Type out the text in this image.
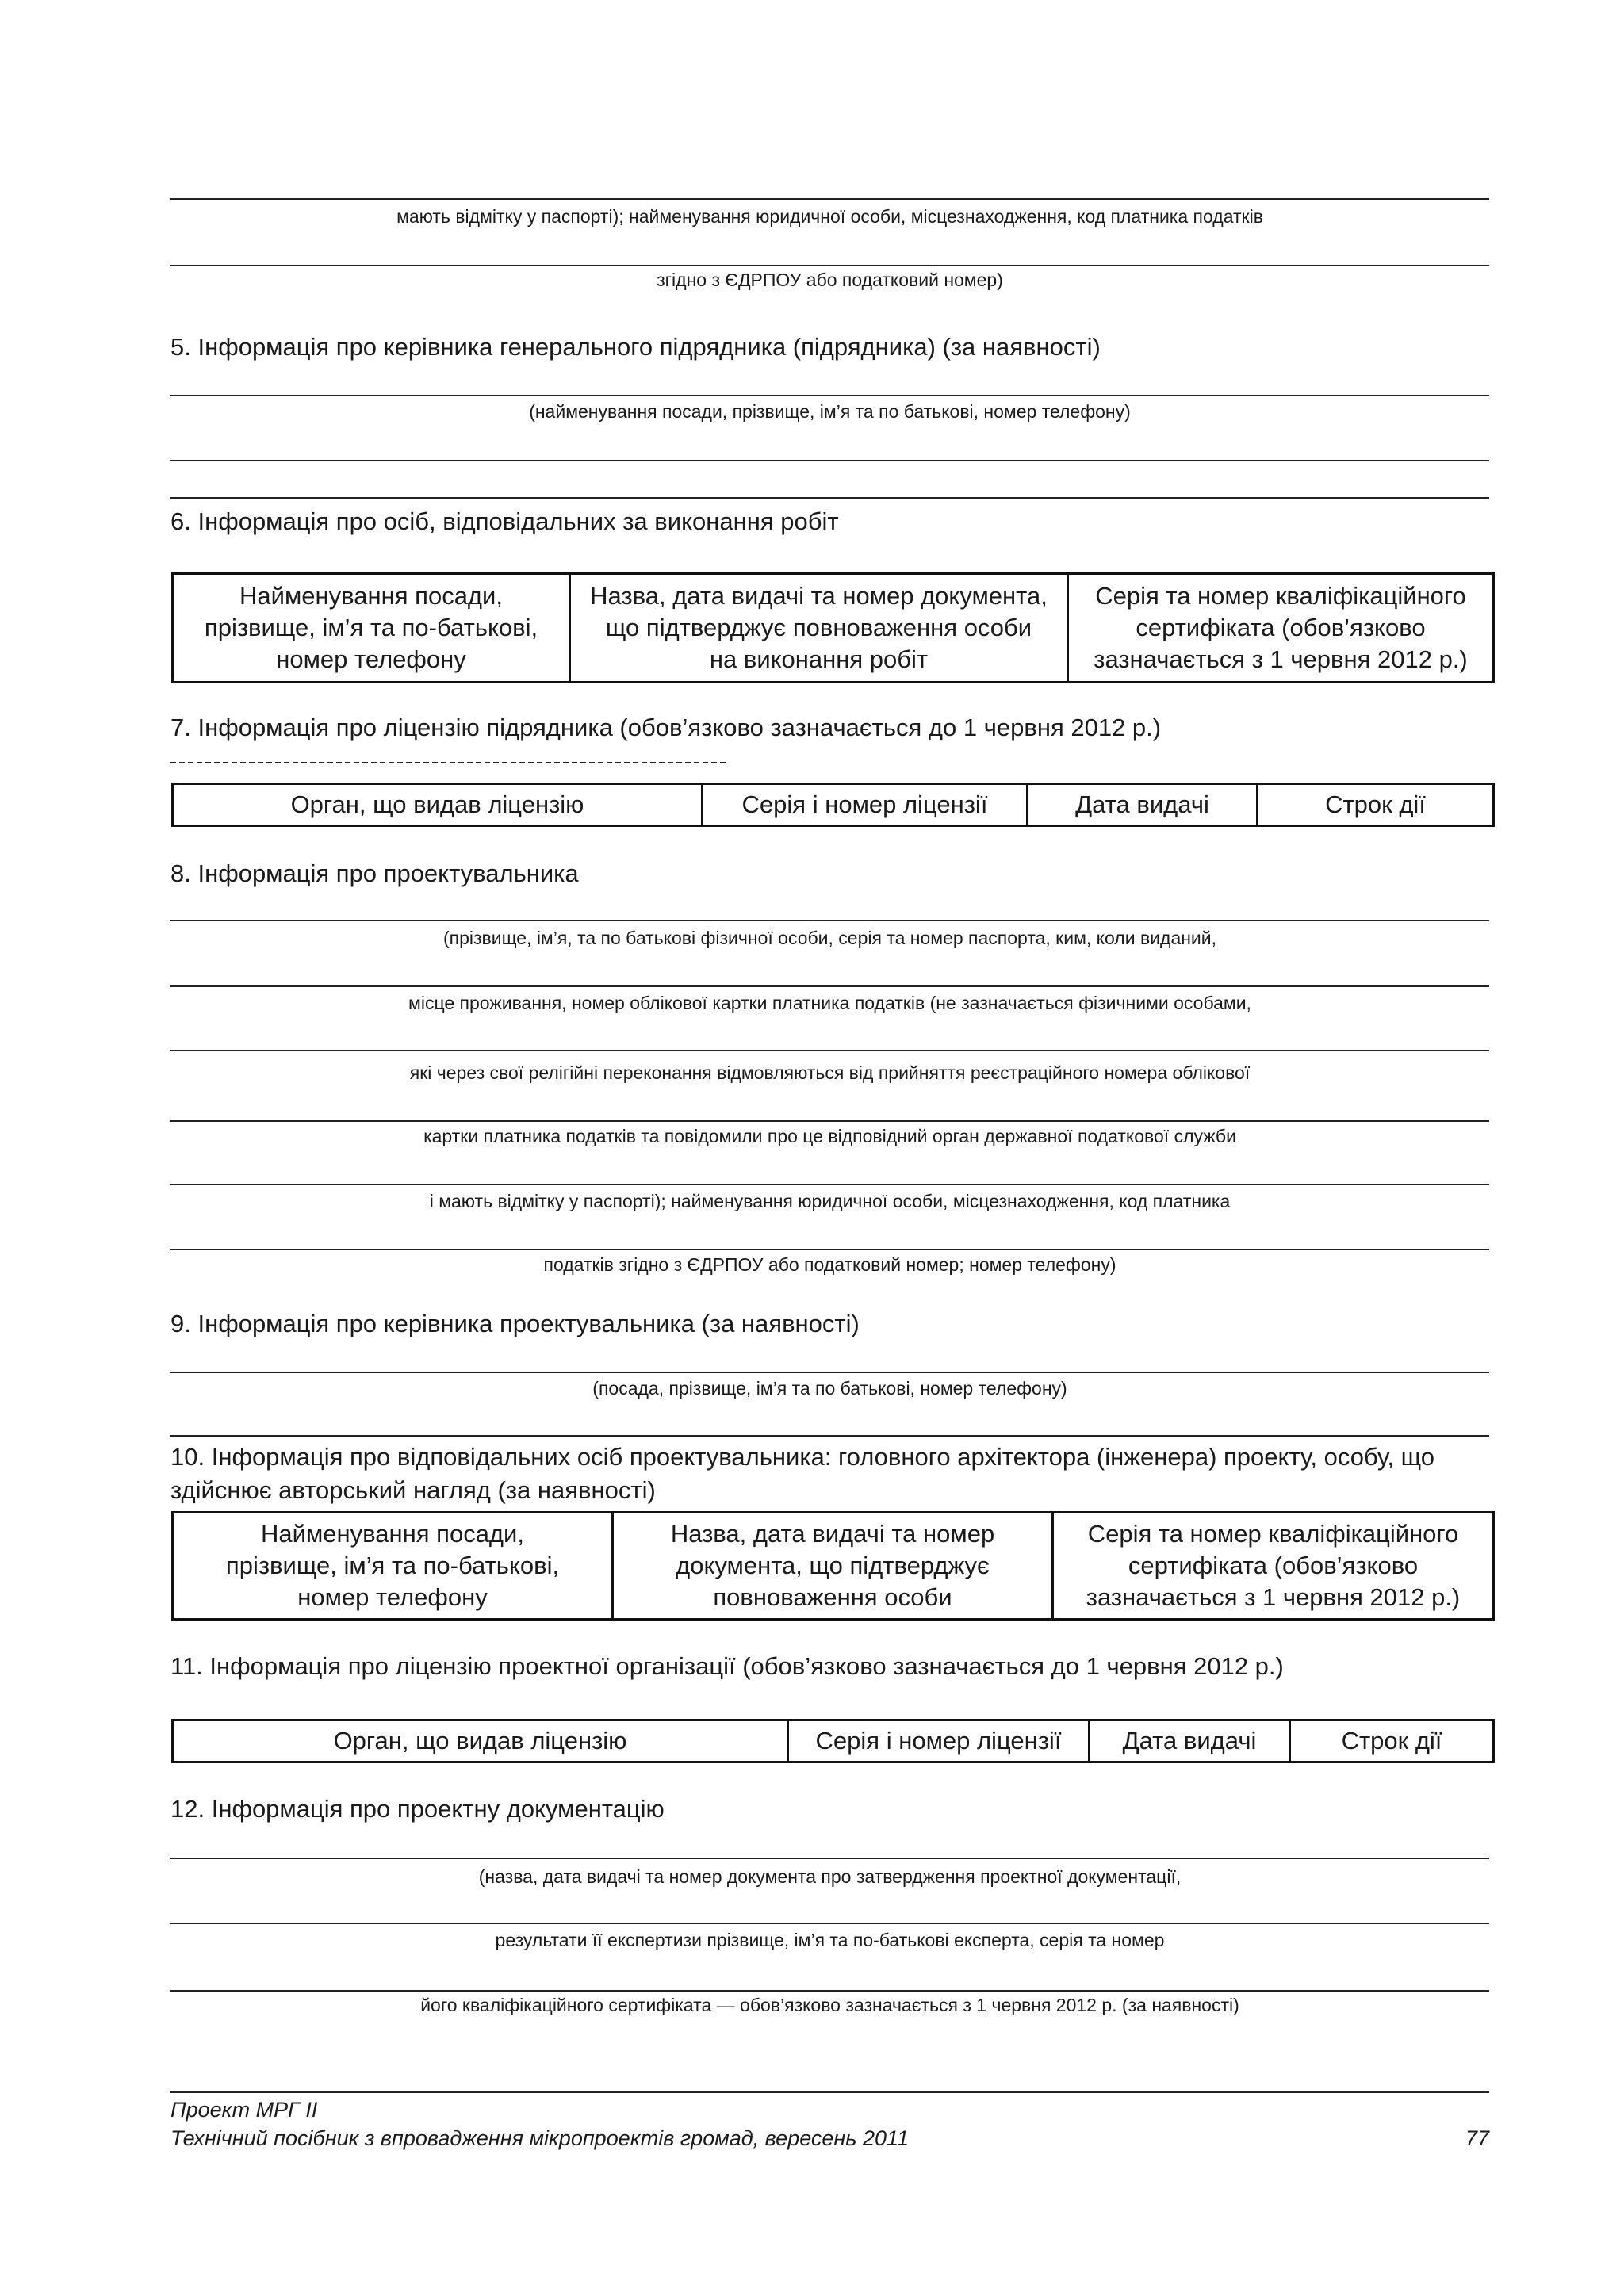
мають відмітку у паспорті); найменування юридичної особи, місцезнаходження, код платника податків
згідно з ЄДРПОУ або податковий номер)
5. Інформація про керівника генерального підрядника (підрядника) (за наявності)
(найменування посади, прізвище, ім’я та по батькові, номер телефону)
6. Інформація про осіб, відповідальних за виконання робіт
Найменування посади,
прізвище, ім’я та по-батькові,
номер телефону

Назва, дата видачі та номер документа,
що підтверджує повноваження особи
на виконання робіт

Серія та номер кваліфікаційного
сертифіката (обов’язково
зазначається з 1 червня 2012 р.)
7. Інформація про ліцензію підрядника (обов’язково зазначається до 1 червня 2012 р.)
Орган, що видав ліцензію	Серія і номер ліцензії	Дата видачі	Строк дії
8. Інформація про проектувальника
(прізвище, ім’я, та по батькові фізичної особи, серія та номер паспорта, ким, коли виданий,
місце проживання, номер облікової картки платника податків (не зазначається фізичними особами,
які через свої релігійні переконання відмовляються від прийняття реєстраційного номера облікової
картки платника податків та повідомили про це відповідний орган державної податкової служби
і мають відмітку у паспорті); найменування юридичної особи, місцезнаходження, код платника
податків згідно з ЄДРПОУ або податковий номер; номер телефону)
9. Інформація про керівника проектувальника (за наявності)
(посада, прізвище, ім’я та по батькові, номер телефону)
10. Інформація про відповідальних осіб проектувальника: головного архітектора (інженера) проекту, особу, що
здійснює авторський нагляд (за наявності)
Найменування посади,
прізвище, ім’я та по-батькові,
номер телефону

Назва, дата видачі та номер
документа, що підтверджує
повноваження особи

Серія та номер кваліфікаційного
сертифіката (обов’язково
зазначається з 1 червня 2012 р.)
11. Інформація про ліцензію проектної організації (обов’язково зазначається до 1 червня 2012 р.)
Орган, що видав ліцензію	Серія і номер ліцензії	Дата видачі	Строк дії
12. Інформація про проектну документацію
(назва, дата видачі та номер документа про затвердження проектної документації,
результати її експертизи прізвище, ім’я та по-батькові експерта, серія та номер
його кваліфікаційного сертифіката — обов’язково зазначається з 1 червня 2012 р. (за наявності)
Проект МРГ ІІ
Технічний посібник з впровадження мікропроектів громад, вересень 2011	77
